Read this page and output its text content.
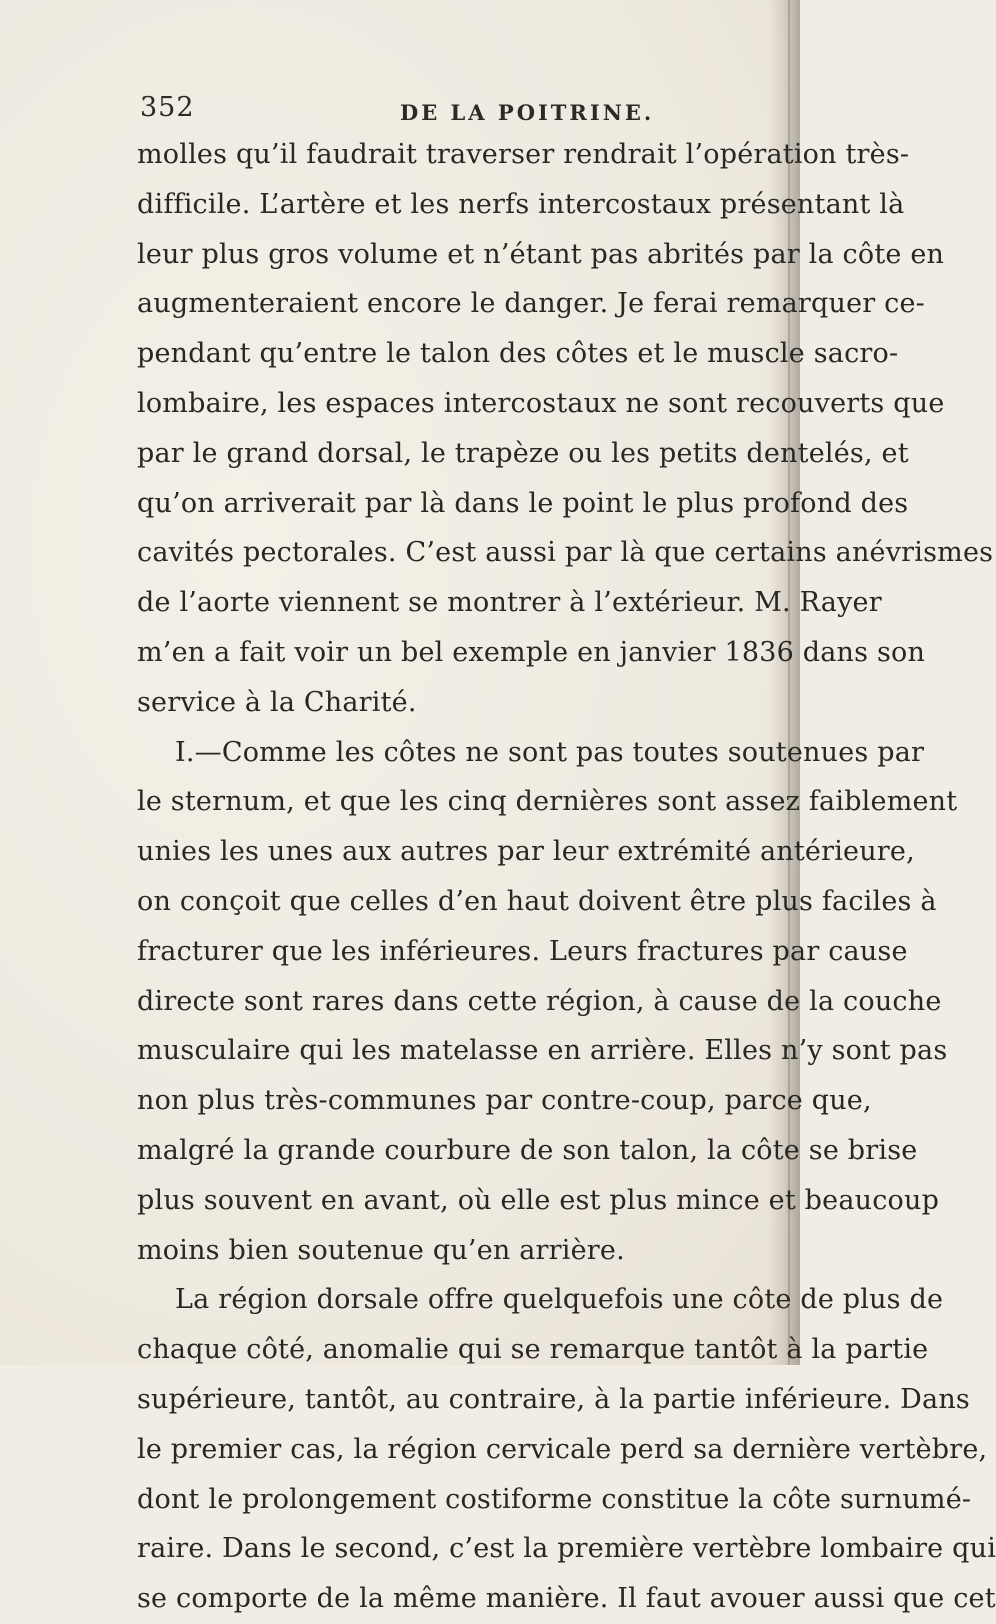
352	DE LA POITRINE.
molles qu’il faudrait traverser rendrait l’opération très-
difficile. L’artère et les nerfs intercostaux présentant là
leur plus gros volume et n’étant pas abrités par la côte en
augmenteraient encore le danger. Je ferai remarquer ce-
pendant qu’entre le talon des côtes et le muscle sacro-
lombaire, les espaces intercostaux ne sont recouverts que
par le grand dorsal, le trapèze ou les petits dentelés, et
qu’on arriverait par là dans le point le plus profond des
cavités pectorales. C’est aussi par là que certains anévrismes
de l’aorte viennent se montrer à l’extérieur. M. Rayer
m’en a fait voir un bel exemple en janvier 1836 dans son
service à la Charité.
I.—Comme les côtes ne sont pas toutes soutenues par
le sternum, et que les cinq dernières sont assez faiblement
unies les unes aux autres par leur extrémité antérieure,
on conçoit que celles d’en haut doivent être plus faciles à
fracturer que les inférieures. Leurs fractures par cause
directe sont rares dans cette région, à cause de la couche
musculaire qui les matelasse en arrière. Elles n’y sont pas
non plus très-communes par contre-coup, parce que,
malgré la grande courbure de son talon, la côte se brise
plus souvent en avant, où elle est plus mince et beaucoup
moins bien soutenue qu’en arrière.
La région dorsale offre quelquefois une côte de plus de
chaque côté, anomalie qui se remarque tantôt à la partie
supérieure, tantôt, au contraire, à la partie inférieure. Dans
le premier cas, la région cervicale perd sa dernière vertèbre,
dont le prolongement costiforme constitue la côte surnumé-
raire. Dans le second, c’est la première vertèbre lombaire qui
se comporte de la même manière. Il faut avouer aussi que cet
